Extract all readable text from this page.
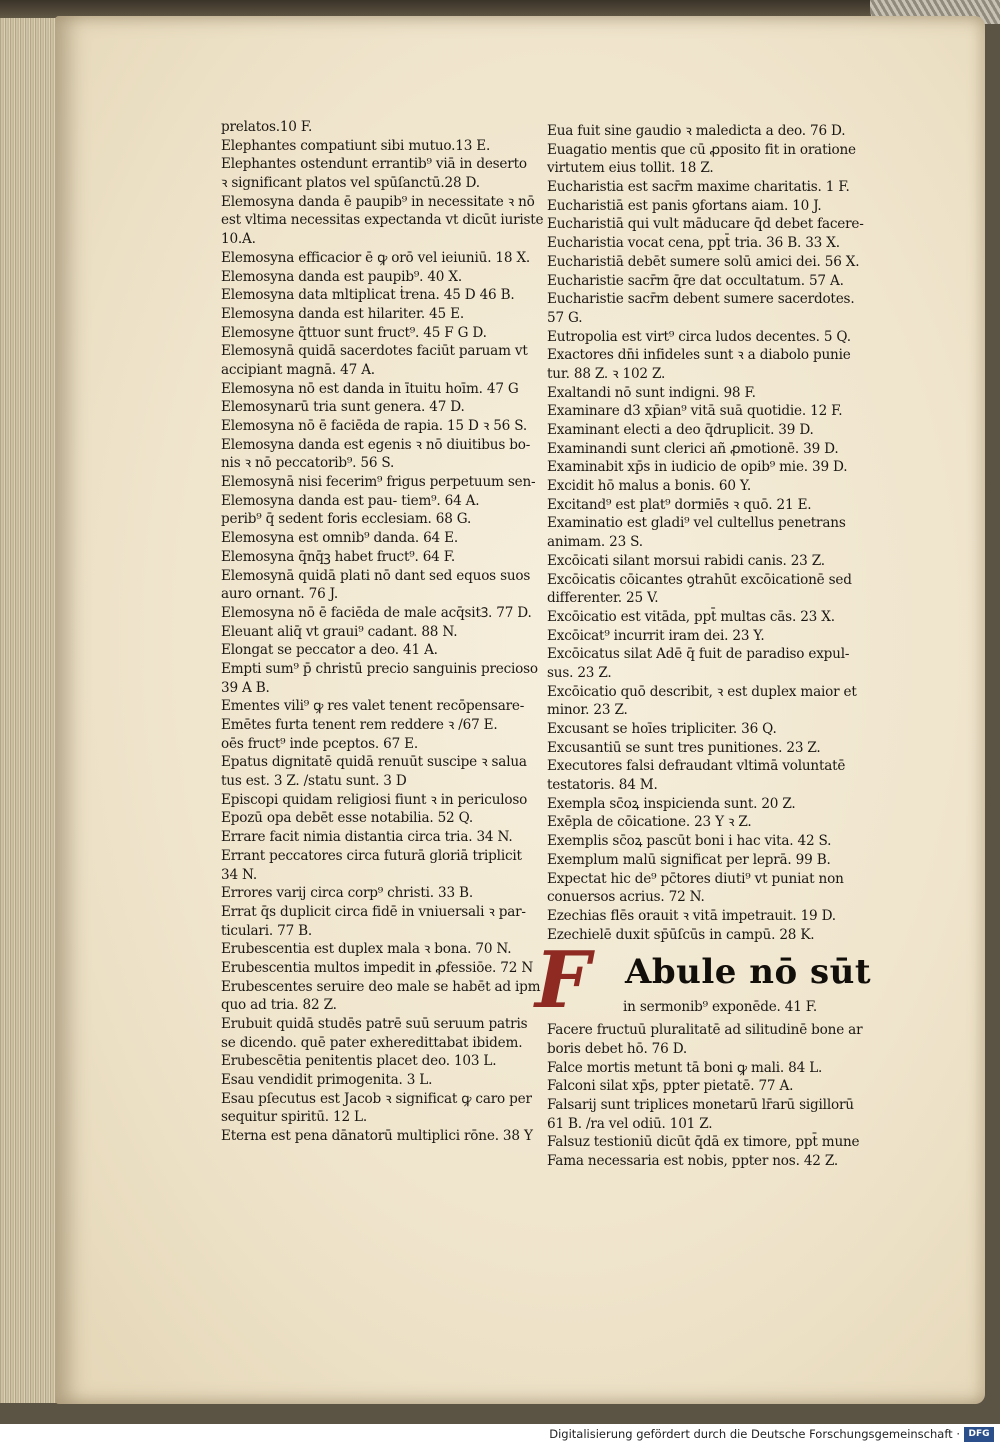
prelatos.10 F.
Elephantes compatiunt sibi mutuo.13 E.
Elephantes ostendunt errantib⁹ viā in deserto
ꝛ significant platos vel spūſanctū.28 D.
Elemosyna danda ē paupib⁹ in necessitate ꝛ nō
est vltima necessitas expectanda vt dicūt iuriste
10.A.
Elemosyna efficacior ē ꝙ orō vel ieiuniū. 18 X.
Elemosyna danda est paupib⁹. 40 X.
Elemosyna data mltiplicat ṫrena. 45 D 46 B.
Elemosyna danda est hilariter. 45 E.
Elemosyne q̄ttuor sunt fruct⁹. 45 F G D.
Elemosynā quidā sacerdotes faciūt paruam vt
accipiant magnā. 47 A.
Elemosyna nō est danda in ītuitu hoīm. 47 G
Elemosynarū tria sunt genera. 47 D.
Elemosyna nō ē faciēda de rapia. 15 D ꝛ 56 S.
Elemosyna danda est egenis ꝛ nō diuitibus bo-
nis ꝛ nō peccatorib⁹. 56 S.
Elemosynā nisi fecerim⁹ frigus perpetuum sen-
Elemosyna danda est pau- tiem⁹. 64 A.
perib⁹ q̄ sedent foris ecclesiam. 68 G.
Elemosyna est omnib⁹ danda. 64 E.
Elemosyna q̄nq̄ꝫ habet fruct⁹. 64 F.
Elemosynā quidā plati nō dant sed equos suos
auro ornant. 76 J.
Elemosyna nō ē faciēda de male acq̄sitꝪ. 77 D.
Eleuant aliq̄ vt graui⁹ cadant. 88 N.
Elongat se peccator a deo. 41 A.
Empti sum⁹ p̄ christū precio sanguinis precioso
39 A B.
Ementes vili⁹ ꝙ res valet tenent recōpensare-
Emētes furta tenent rem reddere ꝛ /67 E.
oēs fruct⁹ inde pceptos. 67 E.
Epatus dignitatē quidā renuūt suscipe ꝛ salua
tus est. 3 Z. /statu sunt. 3 D
Episcopi quidam religiosi fiunt ꝛ in periculoso
Epozū opa debēt esse notabilia. 52 Q.
Errare facit nimia distantia circa tria. 34 N.
Errant peccatores circa futurā gloriā triplicit
34 N.
Errores varij circa corp⁹ christi. 33 B.
Errat q̄s duplicit circa fidē in vniuersali ꝛ par-
ticulari. 77 B.
Erubescentia est duplex mala ꝛ bona. 70 N.
Erubescentia multos impedit in ꝓfessiōe. 72 N
Erubescentes seruire deo male se habēt ad ipm
quo ad tria. 82 Z.
Erubuit quidā studēs patrē suū seruum patris
se dicendo. quē pater exheredittabat ibidem.
Erubescētia penitentis placet deo. 103 L.
Esau vendidit primogenita. 3 L.
Esau pſecutus est Jacob ꝛ significat ꝙ caro per
sequitur spiritū. 12 L.
Eterna est pena dānatorū multiplici rōne. 38 Y
Eua fuit sine gaudio ꝛ maledicta a deo. 76 D.
Euagatio mentis que cū ꝓposito fit in oratione
virtutem eius tollit. 18 Z.
Eucharistia est sacr̄m maxime charitatis. 1 F.
Eucharistiā est panis ꝯfortans aiam. 10 J.
Eucharistiā qui vult māducare q̄d debet facere-
Eucharistia vocat cena, ppt̄ tria. 36 B. 33 X.
Eucharistiā debēt sumere solū amici dei. 56 X.
Eucharistie sacr̄m q̄re dat occultatum. 57 A.
Eucharistie sacr̄m debent sumere sacerdotes.
57 G.
Eutropolia est virt⁹ circa ludos decentes. 5 Q.
Exactores dn̄i infideles sunt ꝛ a diabolo punie
tur. 88 Z. ꝛ 102 Z.
Exaltandi nō sunt indigni. 98 F.
Examinare d3 xp̄ian⁹ vitā suā quotidie. 12 F.
Examinant electi a deo q̄druplicit. 39 D.
Examinandi sunt clerici añ ꝓmotionē. 39 D.
Examinabit xp̄s in iudicio de opib⁹ mie. 39 D.
Excidit hō malus a bonis. 60 Y.
Excitand⁹ est plat⁹ dormiēs ꝛ quō. 21 E.
Examinatio est gladi⁹ vel cultellus penetrans
animam. 23 S.
Excōicati silant morsui rabidi canis. 23 Z.
Excōicatis cōicantes ꝯtrahūt excōicationē sed
differenter. 25 V.
Excōicatio est vitāda, ppt̄ multas cās. 23 X.
Excōicat⁹ incurrit iram dei. 23 Y.
Excōicatus silat Adē q̄ fuit de paradiso expul-
sus. 23 Z.
Excōicatio quō describit, ꝛ est duplex maior et
minor. 23 Z.
Excusant se hoīes tripliciter. 36 Q.
Excusantiū se sunt tres punitiones. 23 Z.
Executores falsi defraudant vltimā voluntatē
testatoris. 84 M.
Exempla sc̄oꝝ inspicienda sunt. 20 Z.
Exēpla de cōicatione. 23 Y ꝛ Z.
Exemplis sc̄oꝝ pascūt boni i hac vita. 42 S.
Exemplum malū significat per leprā. 99 B.
Expectat hic de⁹ pc̄tores diuti⁹ vt puniat non
conuersos acrius. 72 N.
Ezechias flēs orauit ꝛ vitā impetrauit. 19 D.
Ezechielē duxit sp̄ūſcūs in campū. 28 K.
F Abule nō sūt
in sermonib⁹ exponēde. 41 F.
Facere fructuū pluralitatē ad silitudinē bone ar
boris debet hō. 76 D.
Falce mortis metunt tā boni ꝙ mali. 84 L.
Falconi silat xp̄s, ppter pietatē. 77 A.
Falsarij sunt triplices monetarū lr̄arū sigillorū
61 B. /ra vel odiū. 101 Z.
Falsuz testioniū dicūt q̄dā ex timore, ppt̄ mune
Fama necessaria est nobis, ppter nos. 42 Z.
Digitalisierung gefördert durch die Deutsche Forschungsgemeinschaft · DFG
